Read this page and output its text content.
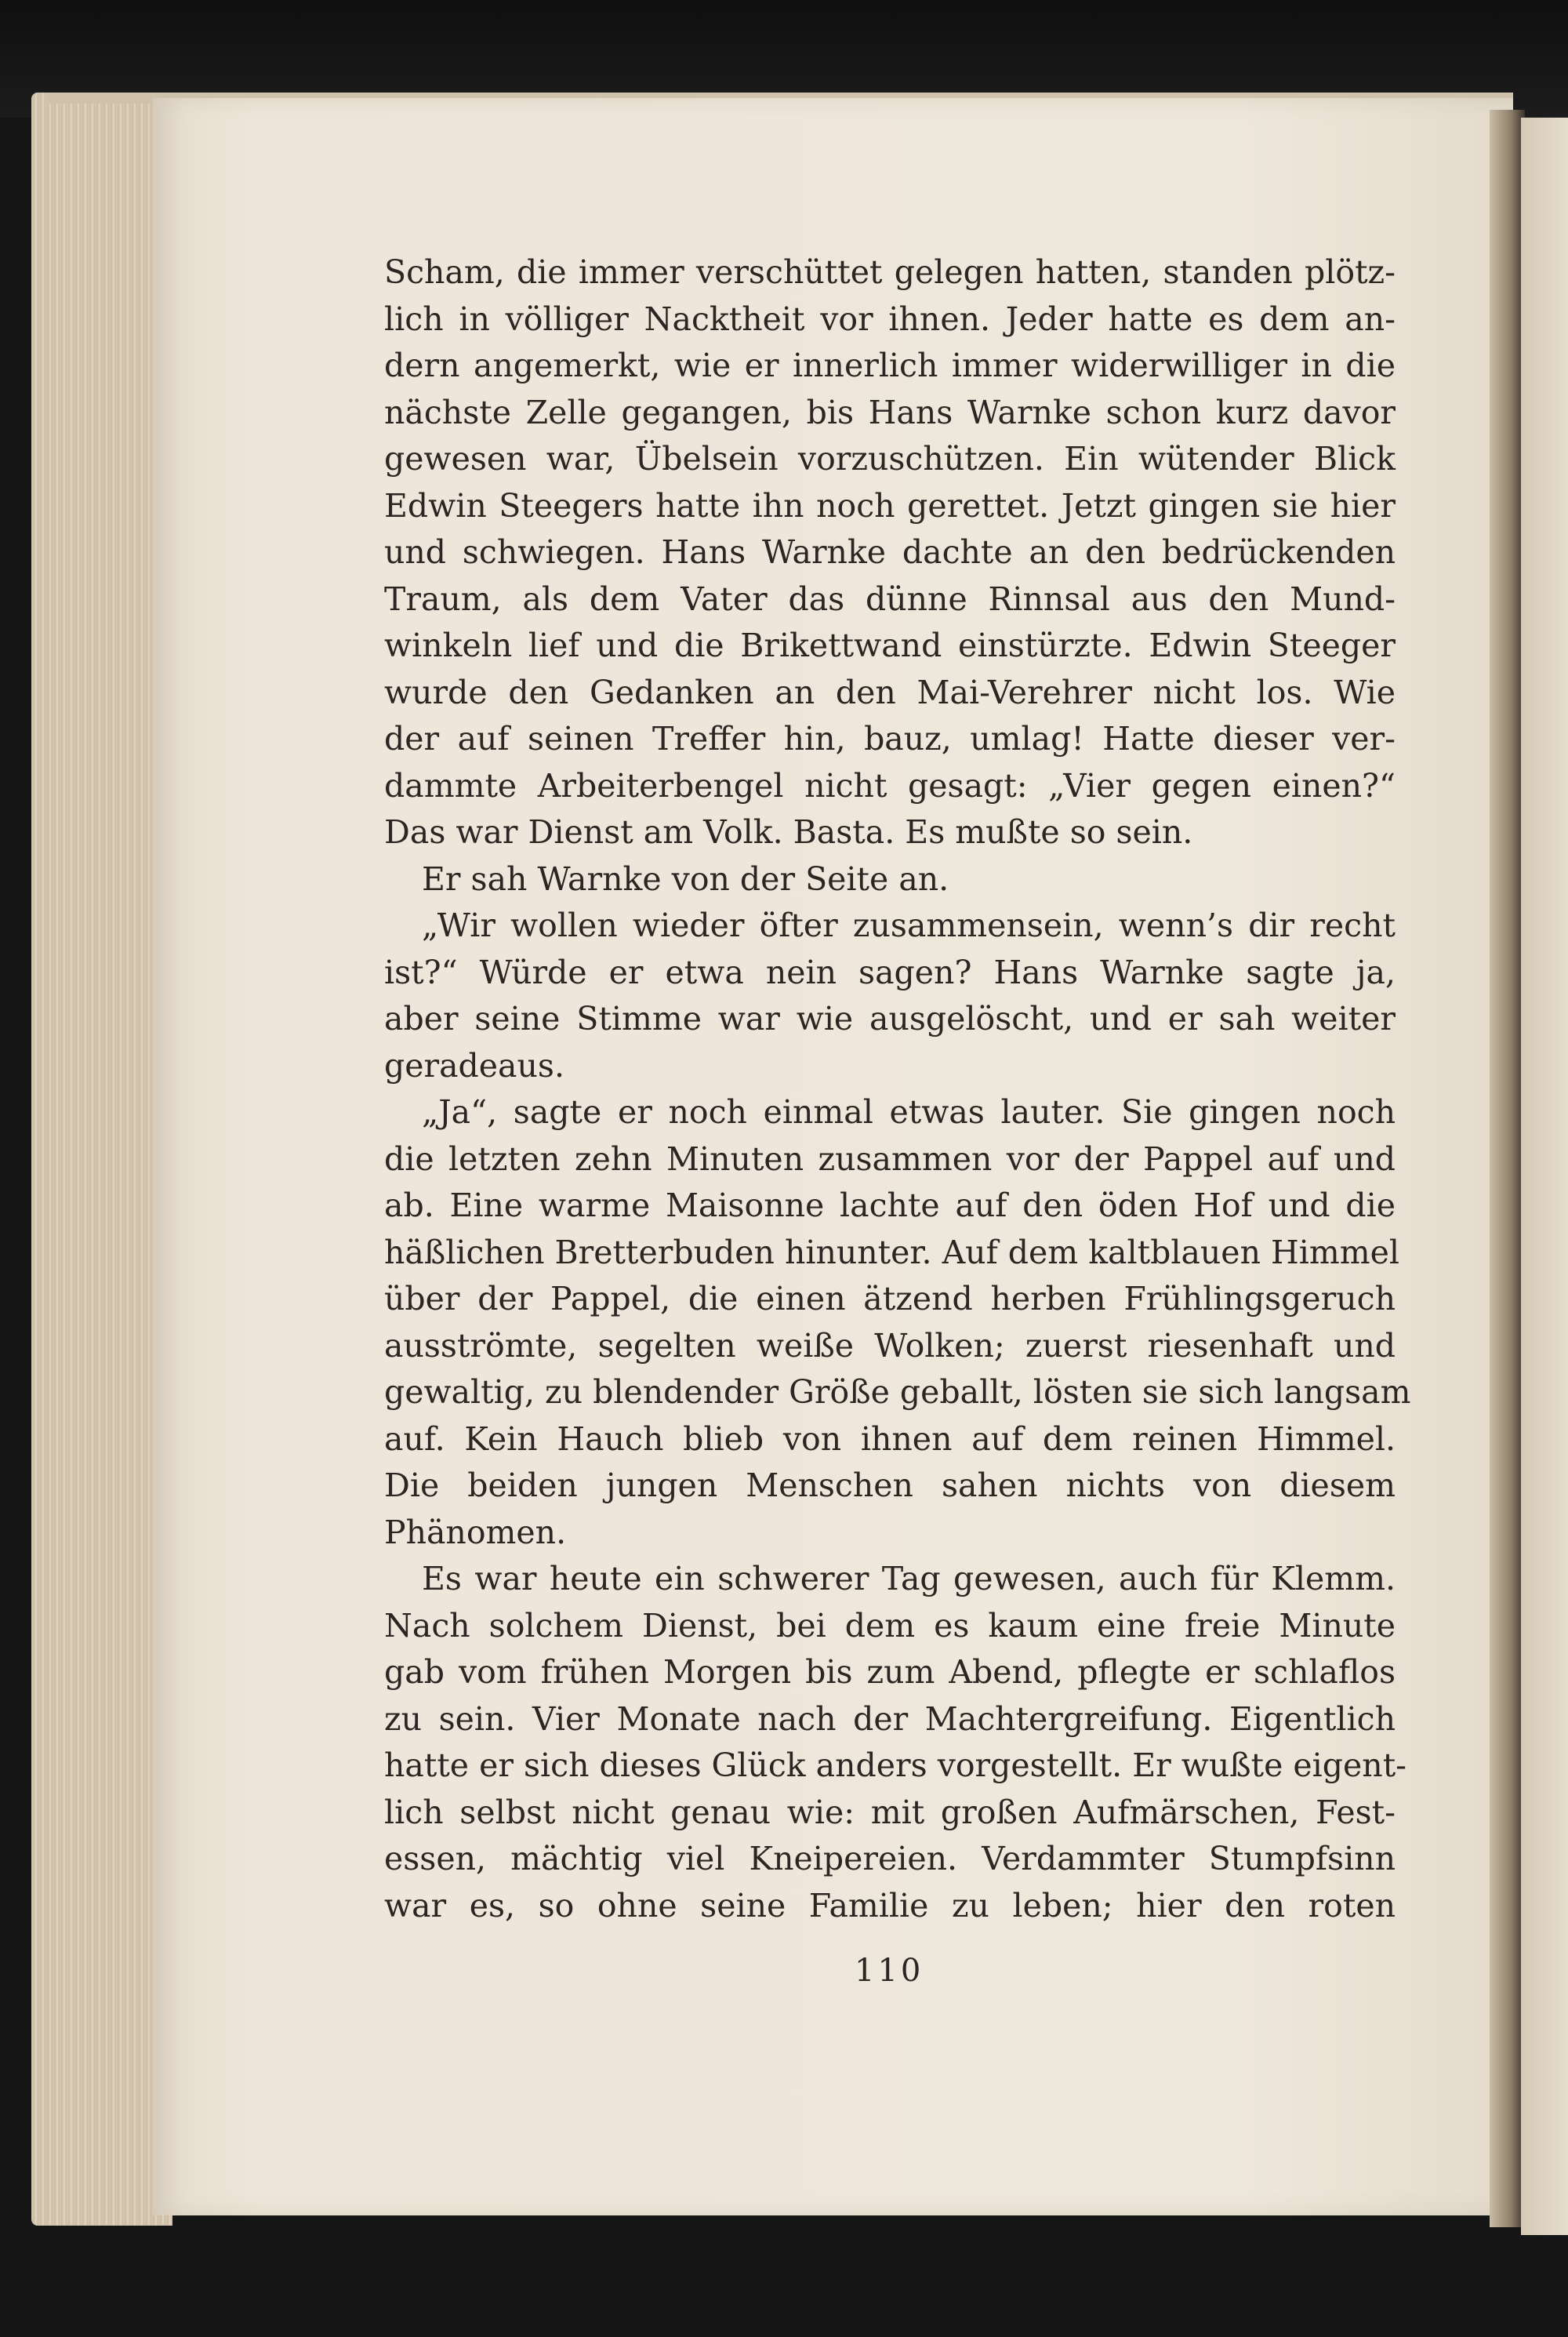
Scham, die immer verschüttet gelegen hatten, standen plötz-
lich in völliger Nacktheit vor ihnen. Jeder hatte es dem an-
dern angemerkt, wie er innerlich immer widerwilliger in die
nächste Zelle gegangen, bis Hans Warnke schon kurz davor
gewesen war, Übelsein vorzuschützen. Ein wütender Blick
Edwin Steegers hatte ihn noch gerettet. Jetzt gingen sie hier
und schwiegen. Hans Warnke dachte an den bedrückenden
Traum, als dem Vater das dünne Rinnsal aus den Mund-
winkeln lief und die Brikettwand einstürzte. Edwin Steeger
wurde den Gedanken an den Mai-Verehrer nicht los. Wie
der auf seinen Treffer hin, bauz, umlag! Hatte dieser ver-
dammte Arbeiterbengel nicht gesagt: „Vier gegen einen?“
Das war Dienst am Volk. Basta. Es mußte so sein.
Er sah Warnke von der Seite an.
„Wir wollen wieder öfter zusammensein, wenn’s dir recht
ist?“ Würde er etwa nein sagen? Hans Warnke sagte ja,
aber seine Stimme war wie ausgelöscht, und er sah weiter
geradeaus.
„Ja“, sagte er noch einmal etwas lauter. Sie gingen noch
die letzten zehn Minuten zusammen vor der Pappel auf und
ab. Eine warme Maisonne lachte auf den öden Hof und die
häßlichen Bretterbuden hinunter. Auf dem kaltblauen Himmel
über der Pappel, die einen ätzend herben Frühlingsgeruch
ausströmte, segelten weiße Wolken; zuerst riesenhaft und
gewaltig, zu blendender Größe geballt, lösten sie sich langsam
auf. Kein Hauch blieb von ihnen auf dem reinen Himmel.
Die beiden jungen Menschen sahen nichts von diesem
Phänomen.
Es war heute ein schwerer Tag gewesen, auch für Klemm.
Nach solchem Dienst, bei dem es kaum eine freie Minute
gab vom frühen Morgen bis zum Abend, pflegte er schlaflos
zu sein. Vier Monate nach der Machtergreifung. Eigentlich
hatte er sich dieses Glück anders vorgestellt. Er wußte eigent-
lich selbst nicht genau wie: mit großen Aufmärschen, Fest-
essen, mächtig viel Kneipereien. Verdammter Stumpfsinn
war es, so ohne seine Familie zu leben; hier den roten
110
